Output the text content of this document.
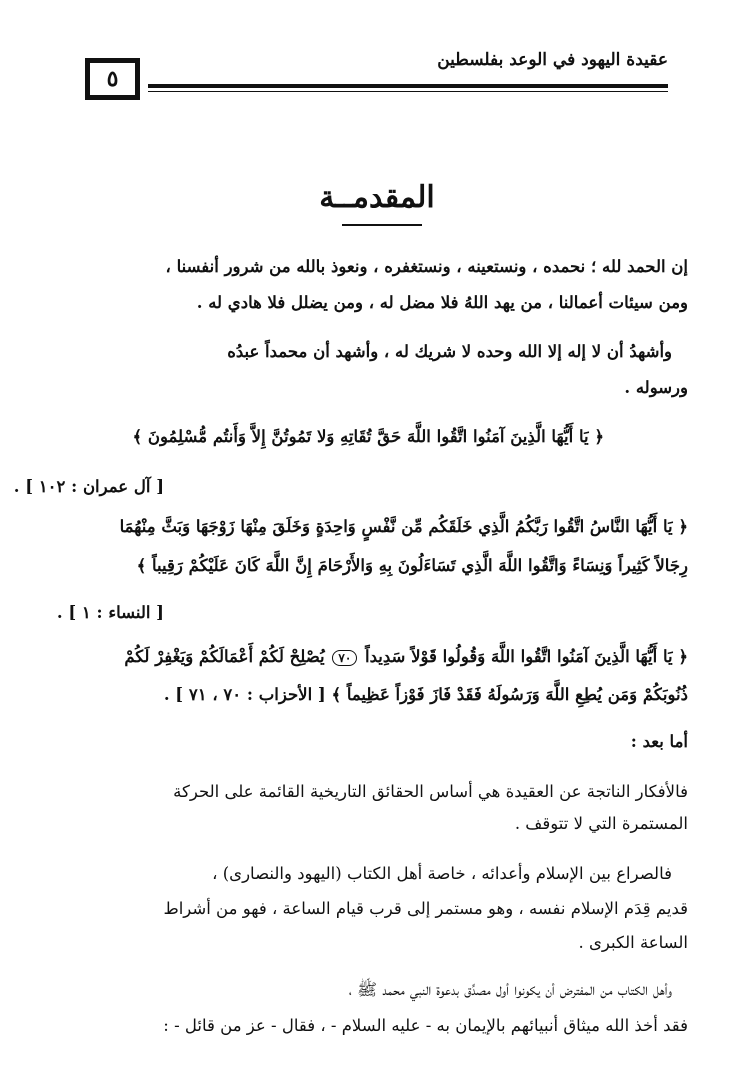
عقيدة اليهود في الوعد بفلسطين
٥
المقدمــة
إن الحمد لله ؛ نحمده ، ونستعينه ، ونستغفره ، ونعوذ بالله من شرور أنفسنا ،
ومن سيئات أعمالنا ، من يهد اللهُ فلا مضل له ، ومن يضلل فلا هادي له .
وأشهدُ أن لا إله إلا الله وحده لا شريك له ، وأشهد أن محمداً عبدُه
ورسوله .
﴿ يَا أَيُّهَا الَّذِينَ آمَنُوا اتَّقُوا اللَّهَ حَقَّ تُقَاتِهِ وَلا تَمُوتُنَّ إِلاَّ وَأَنتُم مُّسْلِمُونَ ﴾
[ آل عمران : ١٠٢ ] .
﴿ يَا أَيُّهَا النَّاسُ اتَّقُوا رَبَّكُمُ الَّذِي خَلَقَكُم مِّن نَّفْسٍ وَاحِدَةٍ وَخَلَقَ مِنْهَا زَوْجَهَا وَبَثَّ مِنْهُمَا
رِجَالاً كَثِيراً وَنِسَاءً وَاتَّقُوا اللَّهَ الَّذِي تَسَاءَلُونَ بِهِ وَالأَرْحَامَ إِنَّ اللَّهَ كَانَ عَلَيْكُمْ رَقِيباً ﴾
[ النساء : ١ ] .
﴿ يَا أَيُّهَا الَّذِينَ آمَنُوا اتَّقُوا اللَّهَ وَقُولُوا قَوْلاً سَدِيداً ٧٠ يُصْلِحْ لَكُمْ أَعْمَالَكُمْ وَيَغْفِرْ لَكُمْ
ذُنُوبَكُمْ وَمَن يُطِعِ اللَّهَ وَرَسُولَهُ فَقَدْ فَازَ فَوْزاً عَظِيماً ﴾ [ الأحزاب : ٧٠ ، ٧١ ] .
أما بعد :
فالأفكار الناتجة عن العقيدة هي أساس الحقائق التاريخية القائمة على الحركة
المستمرة التي لا تتوقف .
فالصراع بين الإسلام وأعدائه ، خاصة أهل الكتاب (اليهود والنصارى) ،
قديم قِدَم الإسلام نفسه ، وهو مستمر إلى قرب قيام الساعة ، فهو من أشراط
الساعة الكبرى .
وأهل الكتاب من المفترض أن يكونوا أول مصدِّق بدعوة النبي محمد ﷺ ،
فقد أخذ الله ميثاق أنبيائهم بالإيمان به - عليه السلام - ، فقال - عز من قائل - :
